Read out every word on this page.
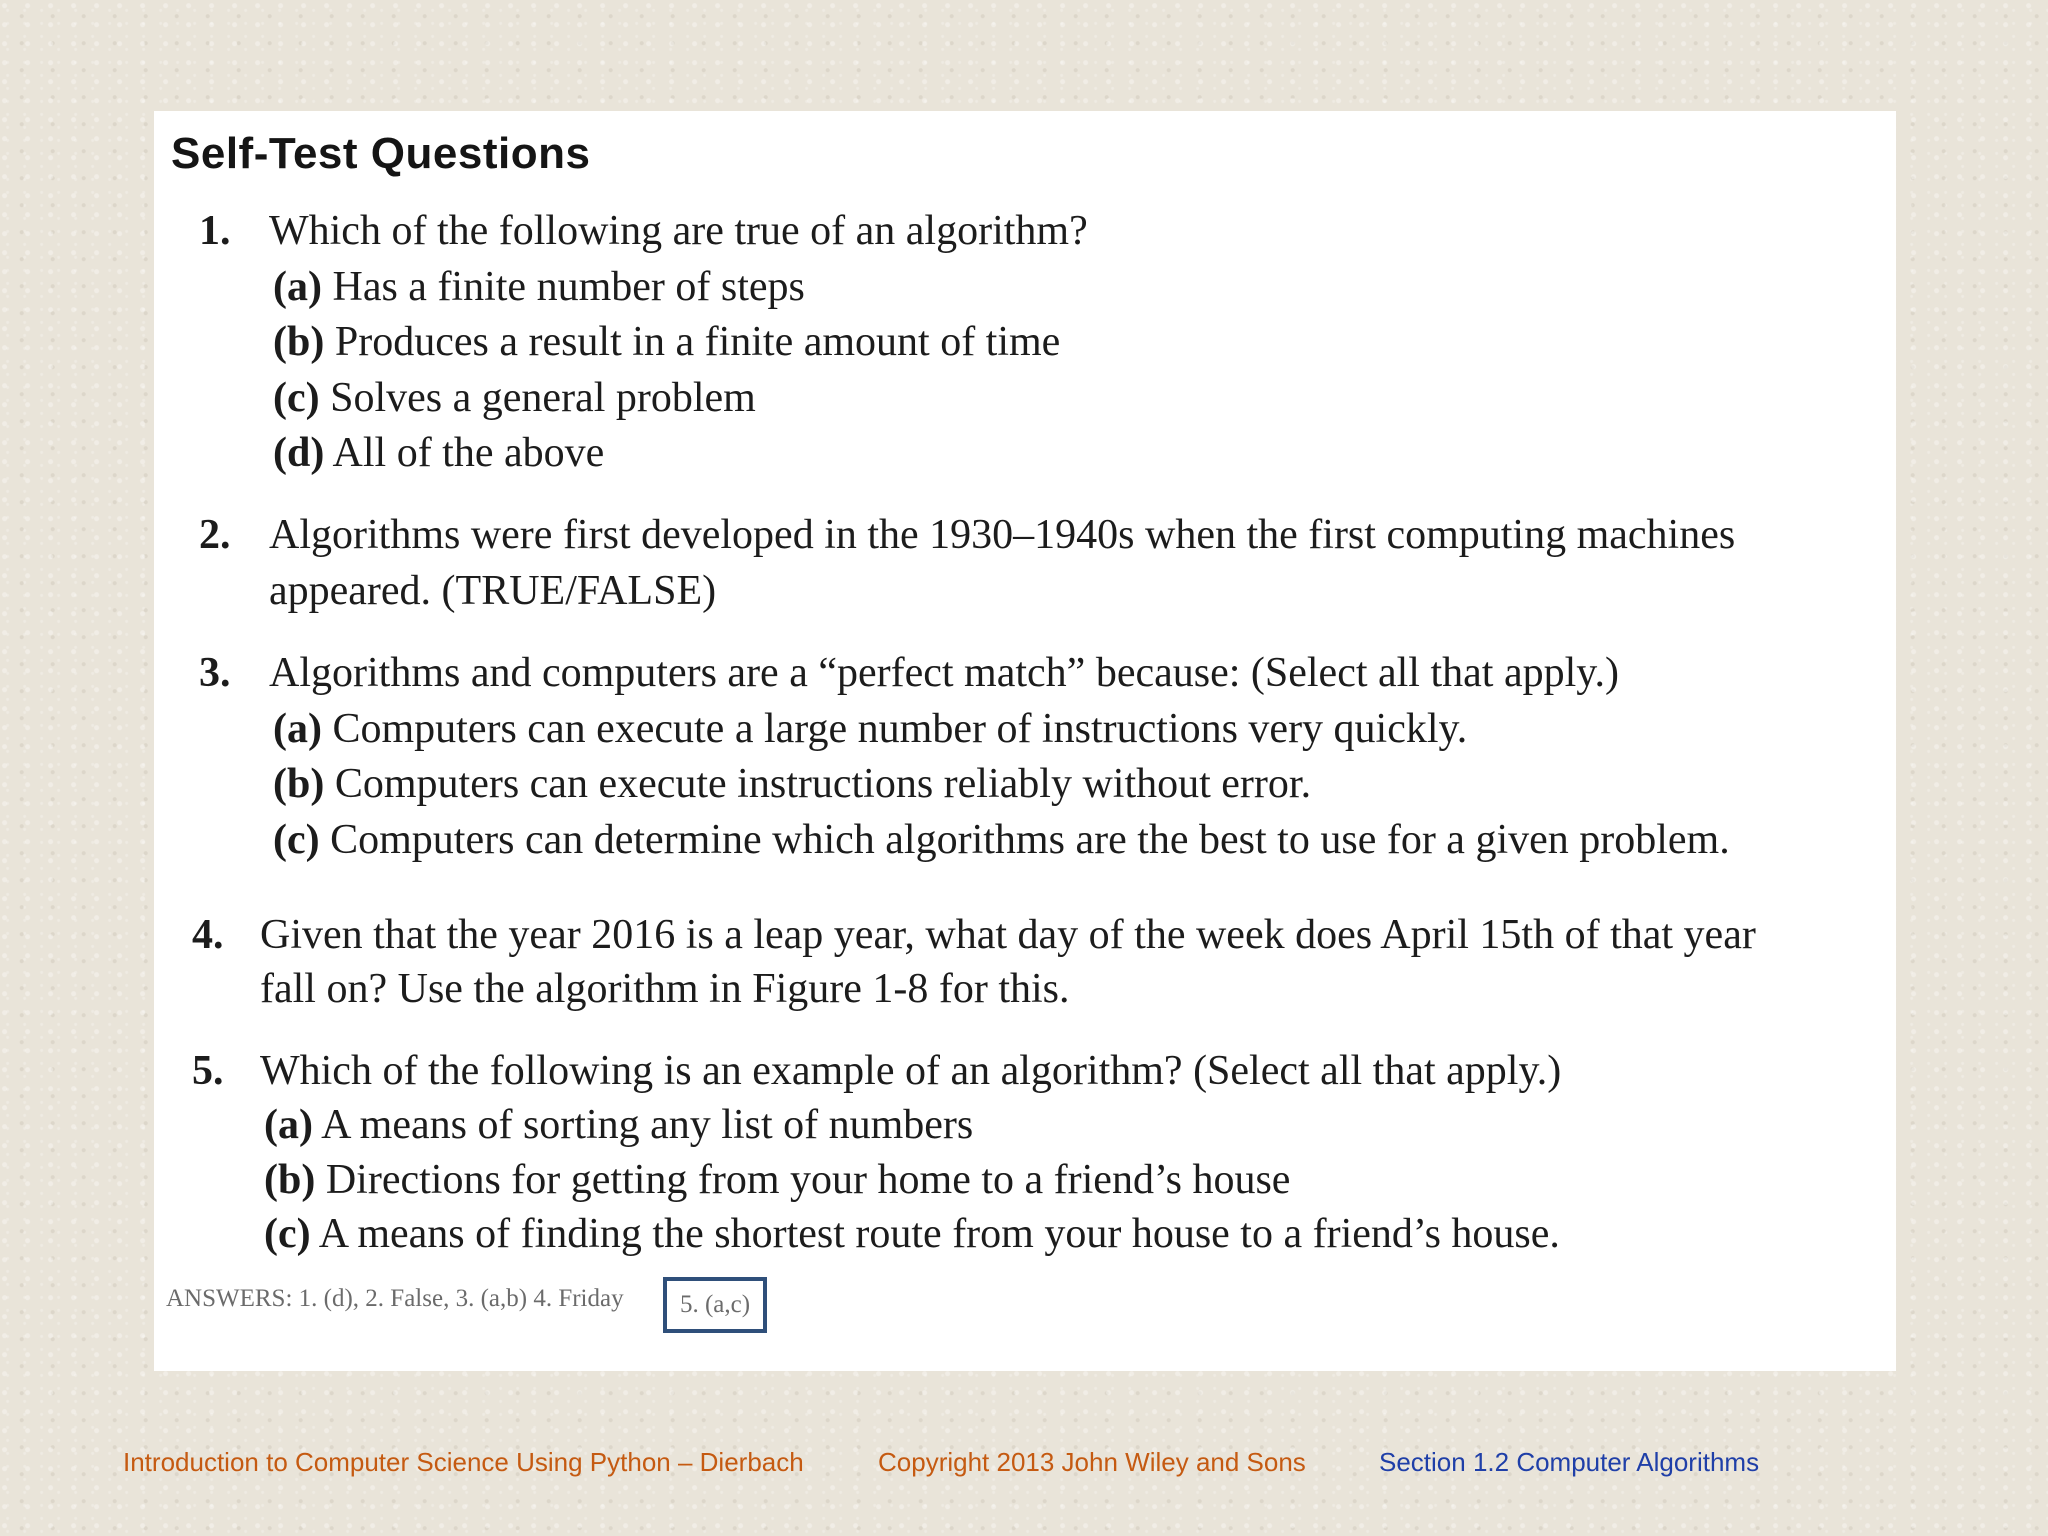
Self-Test Questions
1. Which of the following are true of an algorithm?
(a) Has a finite number of steps
(b) Produces a result in a finite amount of time
(c) Solves a general problem
(d) All of the above
2. Algorithms were first developed in the 1930–1940s when the first computing machines
appeared. (TRUE/FALSE)
3. Algorithms and computers are a “perfect match” because: (Select all that apply.)
(a) Computers can execute a large number of instructions very quickly.
(b) Computers can execute instructions reliably without error.
(c) Computers can determine which algorithms are the best to use for a given problem.
4. Given that the year 2016 is a leap year, what day of the week does April 15th of that year
fall on? Use the algorithm in Figure 1-8 for this.
5. Which of the following is an example of an algorithm? (Select all that apply.)
(a) A means of sorting any list of numbers
(b) Directions for getting from your home to a friend’s house
(c) A means of finding the shortest route from your house to a friend’s house.
ANSWERS: 1. (d), 2. False, 3. (a,b) 4. Friday	5. (a,c)
Introduction to Computer Science Using Python – Dierbach	Copyright 2013 John Wiley and Sons	Section 1.2 Computer Algorithms
